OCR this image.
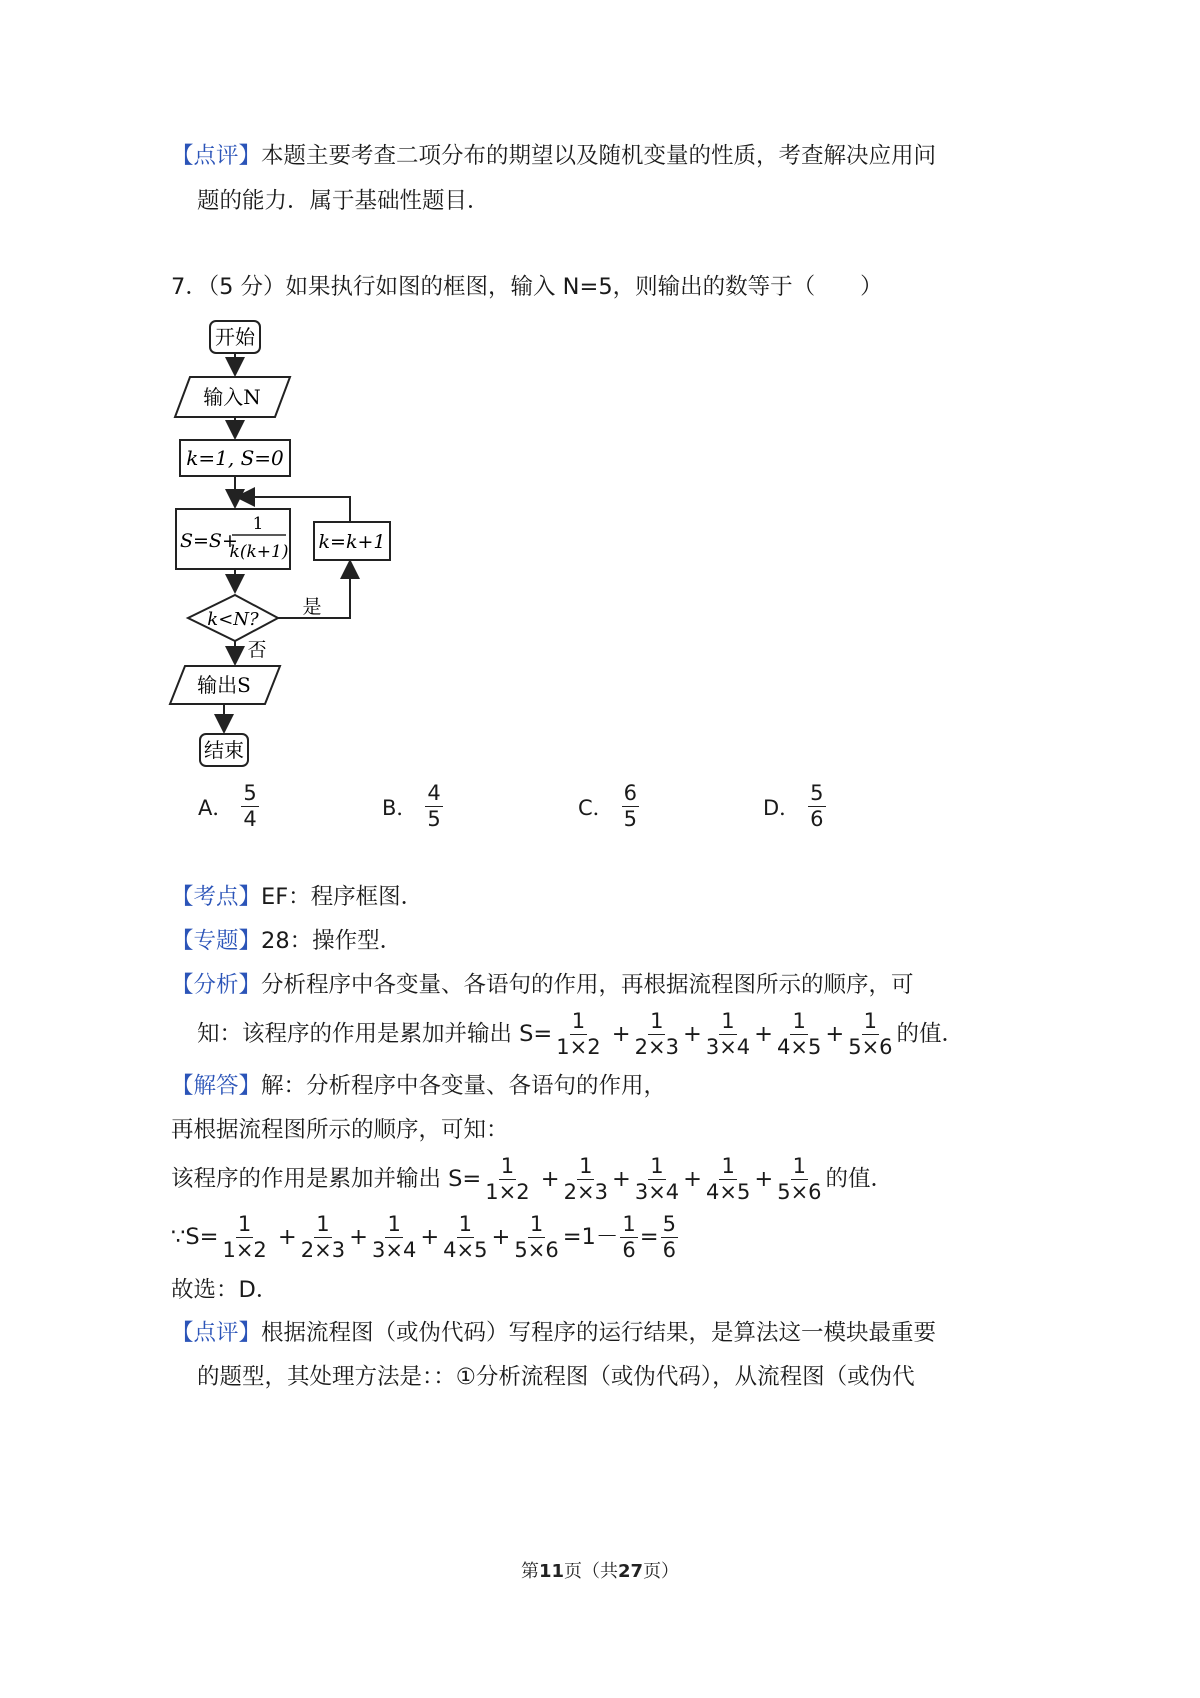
【点评】本题主要考查二项分布的期望以及随机变量的性质，考查解决应用问
题的能力．属于基础性题目．
7．（5 分）如果执行如图的框图，输入 N=5，则输出的数等于（　　）
开始
输入N
k=1, S=0
S=S+
1
k(k+1) k=k+1
k<N?
是
否
输出S
结束
A． $\frac{5}{4}$	B． $\frac{4}{5}$	C． $\frac{6}{5}$	D． $\frac{5}{6}$
【考点】EF：程序框图．
【专题】28：操作型．
【分析】分析程序中各变量、各语句的作用，再根据流程图所示的顺序，可
知：该程序的作用是累加并输出 $S= \frac{1}{1\times 2} + \frac{1}{2\times 3} + \frac{1}{3\times 4} + \frac{1}{4\times 5} + \frac{1}{5\times 6}$ 的值．
【解答】解：分析程序中各变量、各语句的作用，
再根据流程图所示的顺序，可知：
该程序的作用是累加并输出 $S= \frac{1}{1\times 2} + \frac{1}{2\times 3} + \frac{1}{3\times 4} + \frac{1}{4\times 5} + \frac{1}{5\times 6}$ 的值．
∵S= $\frac{1}{1\times 2} + \frac{1}{2\times 3} + \frac{1}{3\times 4} + \frac{1}{4\times 5} + \frac{1}{5\times 6} =1- \frac{1}{6} = \frac{5}{6}$
故选：D．
【点评】根据流程图（或伪代码）写程序的运行结果，是算法这一模块最重要
的题型，其处理方法是：：①分析流程图（或伪代码），从流程图（或伪代
第11页（共27页）
